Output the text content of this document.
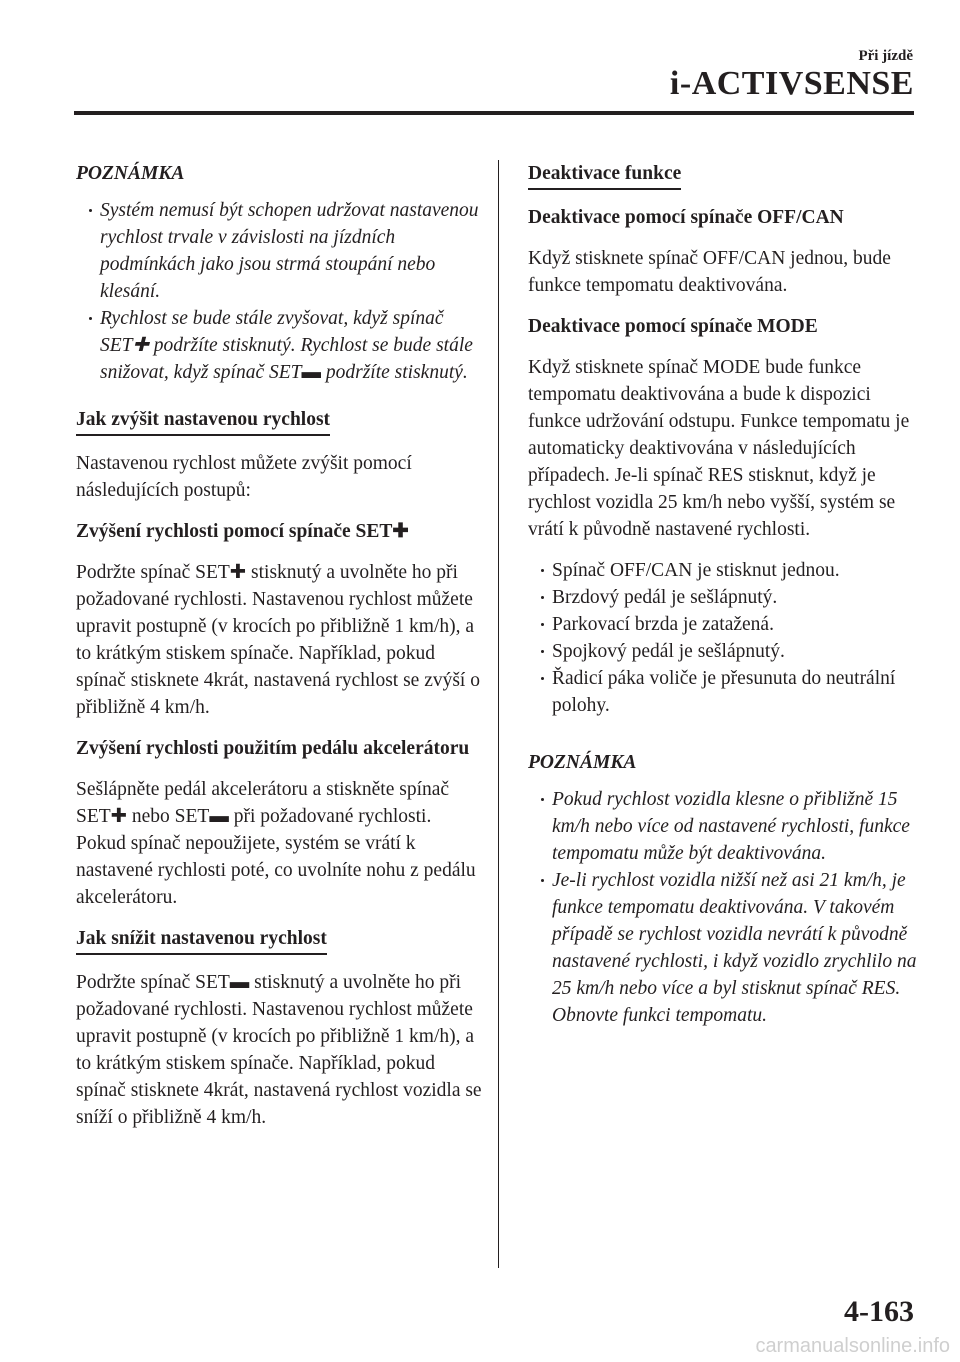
Při jízdě
i-ACTIVSENSE

POZNÁMKA

Systém nemusí být schopen udržovat nastavenou rychlost trvale v závislosti na jízdních podmínkách jako jsou strmá stoupání nebo klesání.
Rychlost se bude stále zvyšovat, když spínač SET✚ podržíte stisknutý. Rychlost se bude stále snižovat, když spínač SET▬ podržíte stisknutý.

Jak zvýšit nastavenou rychlost

Nastavenou rychlost můžete zvýšit pomocí následujících postupů:

Zvýšení rychlosti pomocí spínače SET✚

Podržte spínač SET✚ stisknutý a uvolněte ho při požadované rychlosti. Nastavenou rychlost můžete upravit postupně (v krocích po přibližně 1 km/h), a to krátkým stiskem spínače. Například, pokud spínač stisknete 4krát, nastavená rychlost se zvýší o přibližně 4 km/h.

Zvýšení rychlosti použitím pedálu akcelerátoru

Sešlápněte pedál akcelerátoru a stiskněte spínač SET✚ nebo SET▬ při požadované rychlosti. Pokud spínač nepoužijete, systém se vrátí k nastavené rychlosti poté, co uvolníte nohu z pedálu akcelerátoru.

Jak snížit nastavenou rychlost

Podržte spínač SET▬ stisknutý a uvolněte ho při požadované rychlosti. Nastavenou rychlost můžete upravit postupně (v krocích po přibližně 1 km/h), a to krátkým stiskem spínače. Například, pokud spínač stisknete 4krát, nastavená rychlost vozidla se sníží o přibližně 4 km/h.

Deaktivace funkce

Deaktivace pomocí spínače OFF/CAN

Když stisknete spínač OFF/CAN jednou, bude funkce tempomatu deaktivována.

Deaktivace pomocí spínače MODE

Když stisknete spínač MODE bude funkce tempomatu deaktivována a bude k dispozici funkce udržování odstupu. Funkce tempomatu je automaticky deaktivována v následujících případech. Je-li spínač RES stisknut, když je rychlost vozidla 25 km/h nebo vyšší, systém se vrátí k původně nastavené rychlosti.

Spínač OFF/CAN je stisknut jednou.
Brzdový pedál je sešlápnutý.
Parkovací brzda je zatažená.
Spojkový pedál je sešlápnutý.
Řadicí páka voliče je přesunuta do neutrální polohy.

POZNÁMKA

Pokud rychlost vozidla klesne o přibližně 15 km/h nebo více od nastavené rychlosti, funkce tempomatu může být deaktivována.
Je-li rychlost vozidla nižší než asi 21 km/h, je funkce tempomatu deaktivována. V takovém případě se rychlost vozidla nevrátí k původně nastavené rychlosti, i když vozidlo zrychlilo na 25 km/h nebo více a byl stisknut spínač RES. Obnovte funkci tempomatu.
4-163
carmanualsonline.info
